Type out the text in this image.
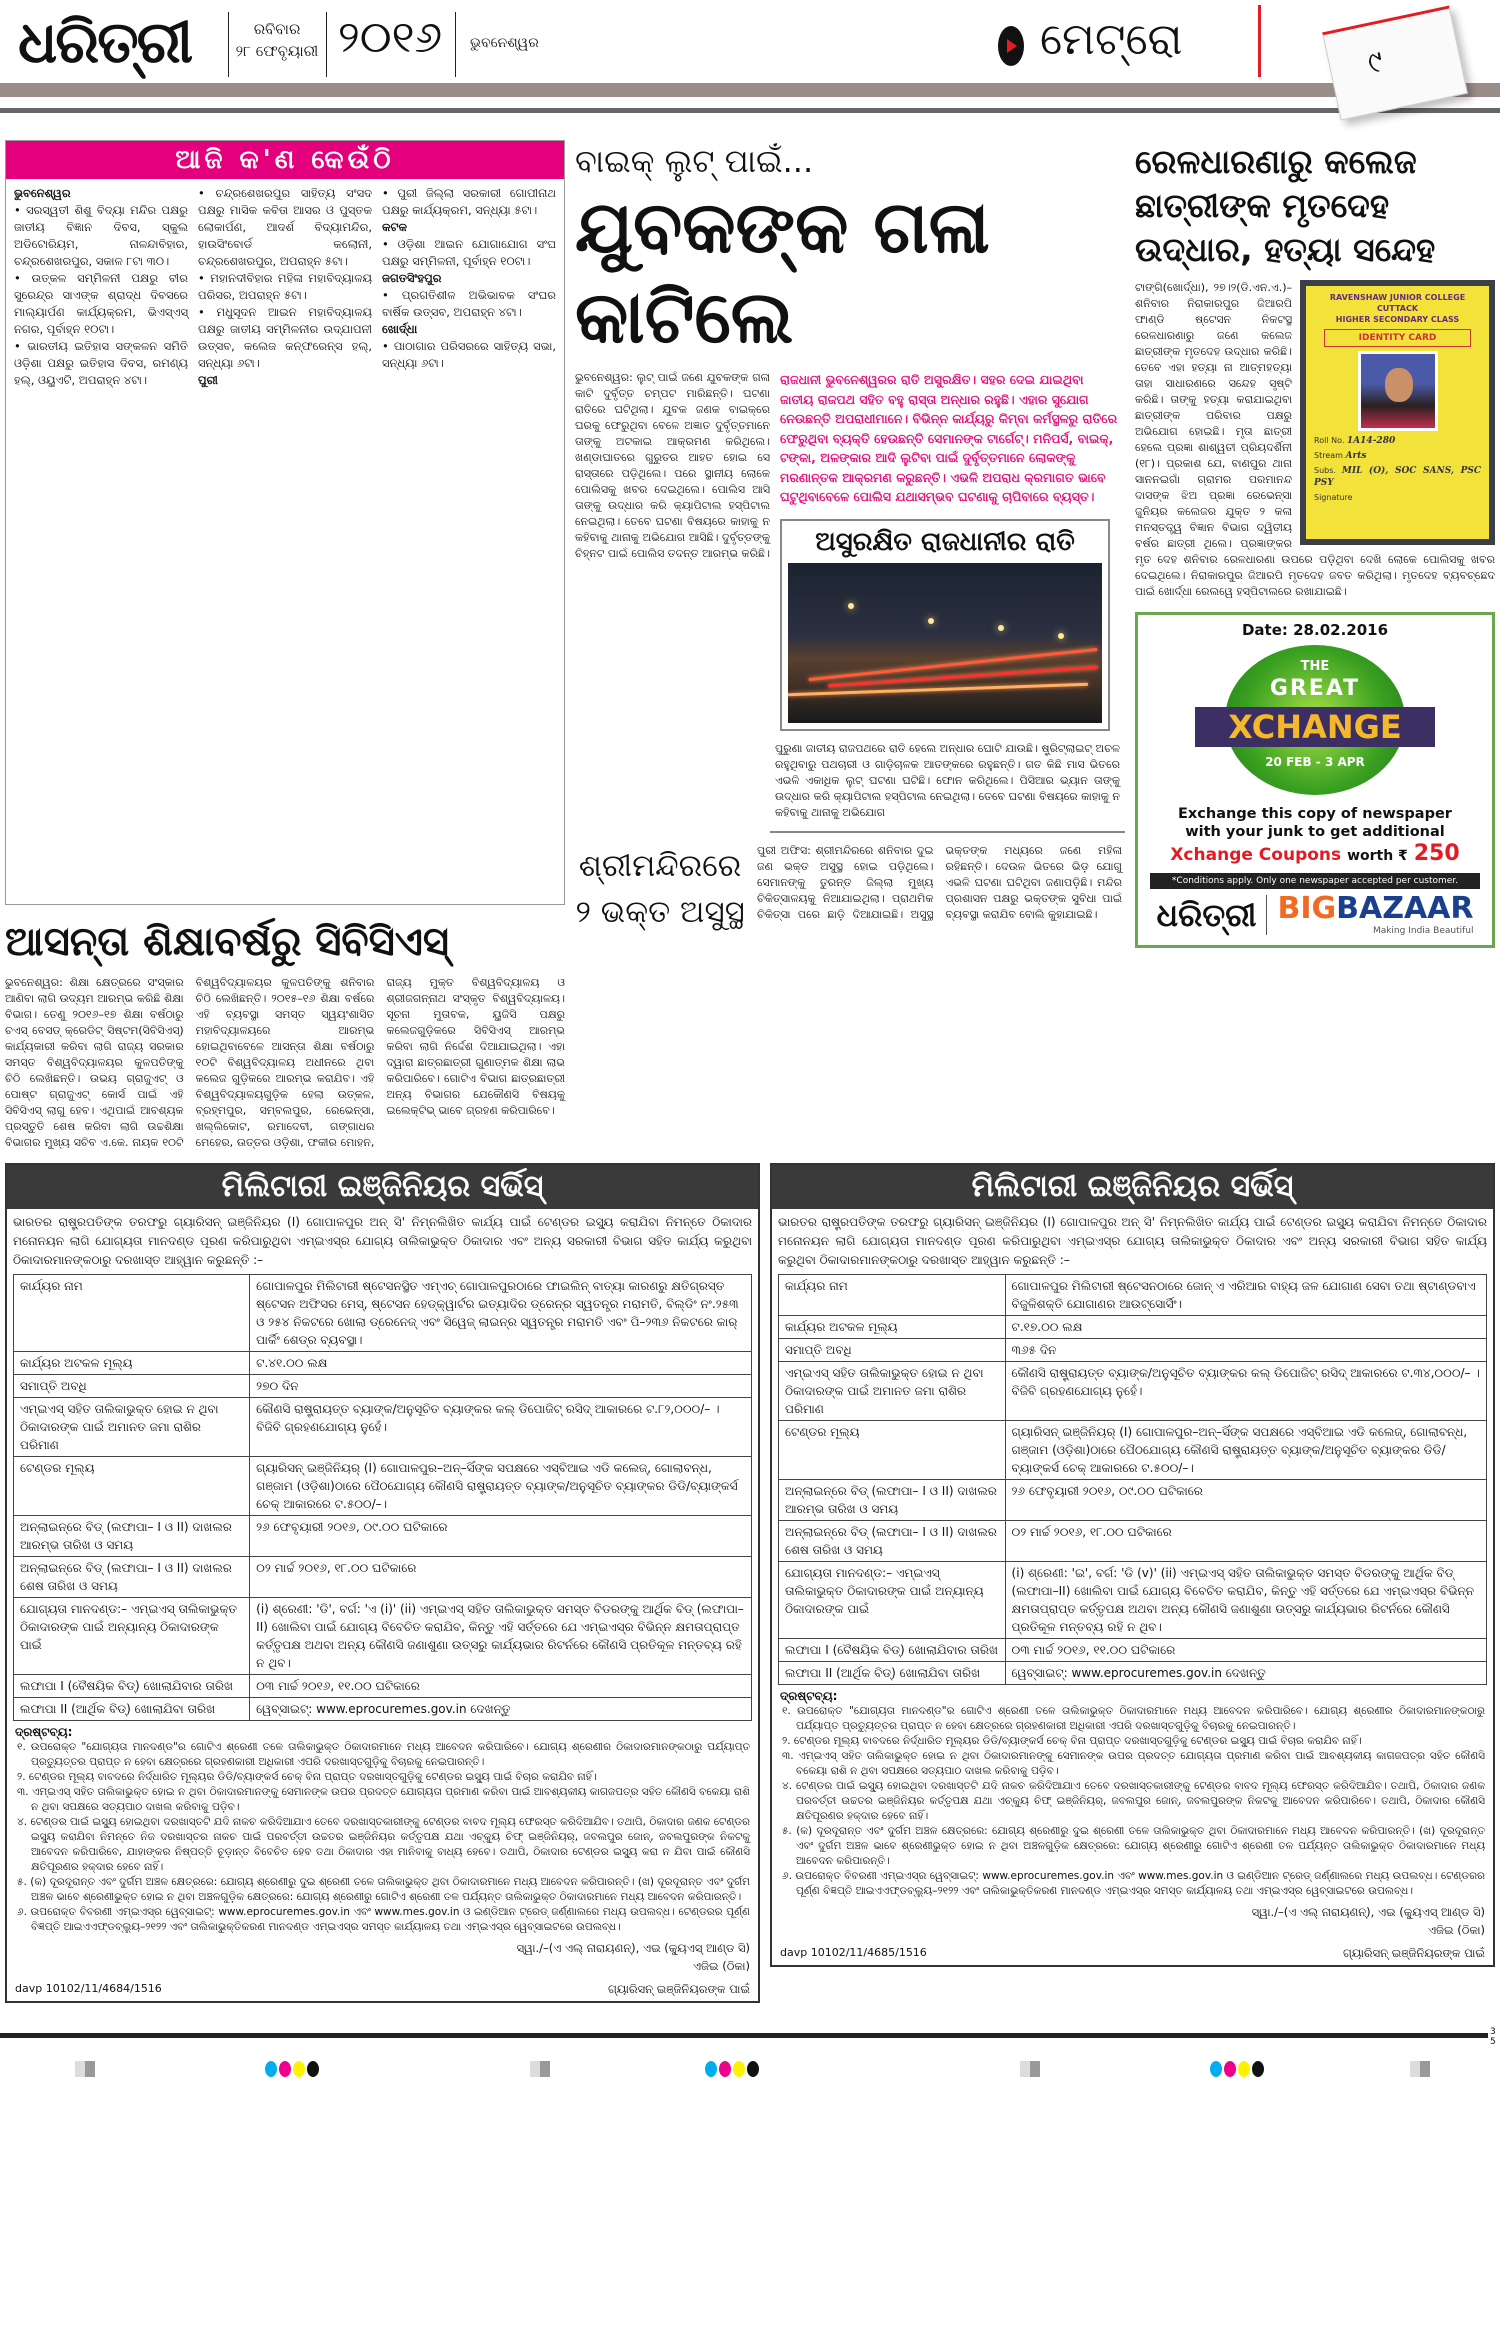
ଧରିତ୍ରୀ	ରବିବାର
୨୮ ଫେବୃୟାରୀ ୨୦୧୬	ଭୁବନେଶ୍ୱର	ମେଟ୍ରୋ	୯
ଆଜି କ'ଣ କେଉଁଠି
ଭୁବନେଶ୍ୱର
• ସରସ୍ୱତୀ ଶିଶୁ ବିଦ୍ୟା ମନ୍ଦିର ପକ୍ଷରୁ ଜାତୀୟ ବିଜ୍ଞାନ ଦିବସ, ସ୍କୁଲ ଅଡିଟୋରିୟମ, ନାଳନ୍ଦାବିହାର, ଚନ୍ଦ୍ରଶେଖରପୁର, ସକାଳ ୮ଟା ୩୦।
• ଉତ୍କଳ ସମ୍ମିଳନୀ ପକ୍ଷରୁ ବୀର ସୁରେନ୍ଦ୍ର ସାଏଙ୍କ ଶ୍ରାଦ୍ଧ ଦିବସରେ ମାଲ୍ୟାର୍ପଣ କାର୍ଯ୍ୟକ୍ରମ, ଭିଏସ୍ଏସ୍ ନଗର, ପୂର୍ବାହ୍ନ ୧୦ଟା।
• ଭାରତୀୟ ଇତିହାସ ସଙ୍କଳନ ସମିତି ଓଡ଼ିଶା ପକ୍ଷରୁ ଇତିହାସ ଦିବସ, ରମଣ୍ୟ ହଲ୍, ଓୟୁଏଟି, ଅପରାହ୍ନ ୪ଟା।
• ଚନ୍ଦ୍ରଶେଖରପୁର ସାହିତ୍ୟ ସଂସଦ ପକ୍ଷରୁ ମାସିକ କବିତା ଆସର ଓ ପୁସ୍ତକ ଲୋକାର୍ପଣ, ଆଦର୍ଶ ବିଦ୍ୟାମନ୍ଦିର, ହାଉସିଂବୋର୍ଡ କଲୋନୀ, ଚନ୍ଦ୍ରଶେଖରପୁର, ଅପରାହ୍ନ ୫ଟା।
• ମହାନଦୀବିହାର ମହିଳା ମହାବିଦ୍ୟାଳୟ ପରିସର, ଅପରାହ୍ନ ୫ଟା।
• ମଧୁସୂଦନ ଆଇନ ମହାବିଦ୍ୟାଳୟ ପକ୍ଷରୁ ଜାତୀୟ ସମ୍ମିଳନୀର ଉଦ୍‌ଯାପନୀ ଉତ୍ସବ, କଲେଜ କନ୍‌ଫରେନ୍ସ ହଲ୍, ସନ୍ଧ୍ୟା ୬ଟା।
ପୁରୀ
• ପୁରୀ ଜିଲ୍ଲା ସରକାରୀ ଗୋପୀନାଥ ପକ୍ଷରୁ କାର୍ଯ୍ୟକ୍ରମ, ସନ୍ଧ୍ୟା ୫ଟା।
କଟକ
• ଓଡ଼ିଶା ଆଇନ ଯୋଗାଯୋଗ ସଂଘ ପକ୍ଷରୁ ସମ୍ମିଳନୀ, ପୂର୍ବାହ୍ନ ୧୦ଟା।
ଜଗତସିଂହପୁର
• ପ୍ରଗତିଶୀଳ ଅଭିଭାବକ ସଂଘର ବାର୍ଷିକ ଉତ୍ସବ, ଅପରାହ୍ନ ୪ଟା।
ଖୋର୍ଦ୍ଧା
• ପାଠାଗାର ପରିସରରେ ସାହିତ୍ୟ ସଭା, ସନ୍ଧ୍ୟା ୬ଟା।
ଆସନ୍ତା ଶିକ୍ଷାବର୍ଷରୁ ସିବିସିଏସ୍
ଭୁବନେଶ୍ୱର: ଶିକ୍ଷା କ୍ଷେତ୍ରରେ ସଂସ୍କାର ଆଣିବା ଲାଗି ଉଦ୍ୟମ ଆରମ୍ଭ କରିଛି ଶିକ୍ଷା ବିଭାଗ। ତେଣୁ ୨୦୧୬–୧୭ ଶିକ୍ଷା ବର୍ଷଠାରୁ ଚଏସ୍ ବେସଡ୍ କ୍ରେଡିଟ୍ ସିଷ୍ଟମ(ସିବିସିଏସ୍) କାର୍ଯ୍ୟକାରୀ କରିବା ଲାଗି ରାଜ୍ୟ ସରକାର ସମସ୍ତ ବିଶ୍ୱବିଦ୍ୟାଳୟର କୁଳପତିଙ୍କୁ ଚିଠି ଲେଖିଛନ୍ତି। ଉଭୟ ଗ୍ରାଜୁଏଟ୍ ଓ ପୋଷ୍ଟ ଗ୍ରାଜୁଏଟ୍ କୋର୍ସ ପାଇଁ ଏହି ସିବିସିଏସ୍ ଲାଗୁ ହେବ। ଏଥିପାଇଁ ଆବଶ୍ୟକ ପ୍ରସ୍ତୁତି ଶେଷ କରିବା ଲାଗି ଉଚ୍ଚଶିକ୍ଷା ବିଭାଗର ମୁଖ୍ୟ ସଚିବ ଏ.କେ. ନାୟକ ୧୦ଟି ବିଶ୍ୱବିଦ୍ୟାଳୟର କୁଳପତିଙ୍କୁ ଶନିବାର ଚିଠି ଲେଖିଛନ୍ତି। ୨୦୧୫–୧୬ ଶିକ୍ଷା ବର୍ଷରେ ଏହି ବ୍ୟବସ୍ଥା ସମସ୍ତ ସ୍ୱୟଂଶାସିତ ମହାବିଦ୍ୟାଳୟରେ ଆରମ୍ଭ ହୋଇଥିବାବେଳେ ଆସନ୍ତା ଶିକ୍ଷା ବର୍ଷଠାରୁ ୧୦ଟି ବିଶ୍ୱବିଦ୍ୟାଳୟ ଅଧୀନରେ ଥିବା କଲେଜ ଗୁଡ଼ିକରେ ଆରମ୍ଭ କରାଯିବ। ଏହି ବିଶ୍ୱବିଦ୍ୟାଳୟଗୁଡ଼ିକ ହେଲା ଉତ୍କଳ, ବ୍ରହ୍ମପୁର, ସମ୍ବଲପୁର, ରେଭେନ୍ସା, ଖଲ୍ଲିକୋଟ, ରମାଦେବୀ, ଗଙ୍ଗାଧର ମେହେର, ଉତ୍ତର ଓଡ଼ିଶା, ଫକୀର ମୋହନ, ରାଜ୍ୟ ମୁକ୍ତ ବିଶ୍ୱବିଦ୍ୟାଳୟ ଓ ଶ୍ରୀଜଗନ୍ନାଥ ସଂସ୍କୃତ ବିଶ୍ୱବିଦ୍ୟାଳୟ। ସୂଚନା ମୁତାବକ, ୟୁଜିସି ପକ୍ଷରୁ କଲେଜଗୁଡ଼ିକରେ ସିବିସିଏସ୍ ଆରମ୍ଭ କରିବା ଲାଗି ନିର୍ଦ୍ଦେଶ ଦିଆଯାଇଥିଲା। ଏହା ଦ୍ୱାରା ଛାତ୍ରଛାତ୍ରୀ ଗୁଣାତ୍ମକ ଶିକ୍ଷା ଲାଭ କରିପାରିବେ। ଗୋଟିଏ ବିଭାଗ ଛାତ୍ରଛାତ୍ରୀ ଅନ୍ୟ ବିଭାଗର ଯେକୌଣସି ବିଷୟକୁ ଇଲେକ୍ଟିଭ୍ ଭାବେ ଗ୍ରହଣ କରିପାରିବେ।
ବାଇକ୍ ଲୁଟ୍ ପାଇଁ...
ଯୁବକଙ୍କ ଗଳା କାଟିଲେ
ଭୁବନେଶ୍ୱର: ଲୁଟ୍ ପାଇଁ ଜଣେ ଯୁବକଙ୍କ ଗଳା କାଟି ଦୁର୍ବୃତ୍ତ ଚମ୍ପଟ ମାରିଛନ୍ତି। ଘଟଣା ରାତିରେ ଘଟିଥିଲା। ଯୁବକ ଜଣକ ବାଇକ୍‌ରେ ଘରକୁ ଫେରୁଥିବା ବେଳେ ଅଜ୍ଞାତ ଦୁର୍ବୃତ୍ତମାନେ ତାଙ୍କୁ ଅଟକାଇ ଆକ୍ରମଣ କରିଥିଲେ। ଖଣ୍ଡାଘାତରେ ଗୁରୁତର ଆହତ ହୋଇ ସେ ରାସ୍ତାରେ ପଡ଼ିଥିଲେ। ପରେ ସ୍ଥାନୀୟ ଲୋକେ ପୋଲିସକୁ ଖବର ଦେଇଥିଲେ। ପୋଲିସ ଆସି ତାଙ୍କୁ ଉଦ୍ଧାର କରି କ୍ୟାପିଟାଲ ହସ୍ପିଟାଲ ନେଇଥିଲା। ତେବେ ଘଟଣା ବିଷୟରେ କାହାକୁ ନ କହିବାକୁ ଥାନାକୁ ଅଭିଯୋଗ ଆସିଛି। ଦୁର୍ବୃତ୍ତଙ୍କୁ ଚିହ୍ନଟ ପାଇଁ ପୋଲିସ ତଦନ୍ତ ଆରମ୍ଭ କରିଛି।
ରାଜଧାନୀ ଭୁବନେଶ୍ୱରର ରାତି ଅସୁରକ୍ଷିତ। ସହର ଦେଇ ଯାଇଥିବା ଜାତୀୟ ରାଜପଥ ସହିତ ବହୁ ରାସ୍ତା ଅନ୍ଧାର ରହୁଛି। ଏହାର ସୁଯୋଗ ନେଉଛନ୍ତି ଅପରାଧୀମାନେ। ବିଭିନ୍ନ କାର୍ଯ୍ୟରୁ କିମ୍ବା କର୍ମସ୍ଥଳରୁ ରାତିରେ ଫେରୁଥିବା ବ୍ୟକ୍ତି ହେଉଛନ୍ତି ସେମାନଙ୍କ ଟାର୍ଗେଟ୍। ମନିପର୍ସ, ବାଇକ୍, ଟଙ୍କା, ଅଳଙ୍କାର ଆଦି ଲୁଟିବା ପାଇଁ ଦୁର୍ବୃତ୍ତମାନେ ଲୋକଙ୍କୁ ମରଣାନ୍ତକ ଆକ୍ରମଣ କରୁଛନ୍ତି। ଏଭଳି ଅପରାଧ କ୍ରମାଗତ ଭାବେ ଘଟୁଥିବାବେଳେ ପୋଲିସ ଯଥାସମ୍ଭବ ଘଟଣାକୁ ଚାପିବାରେ ବ୍ୟସ୍ତ।
ଅସୁରକ୍ଷିତ ରାଜଧାନୀର ରାତି
ପୁରୁଣା ଜାତୀୟ ରାଜପଥରେ ରାତି ହେଲେ ଅନ୍ଧାର ଘୋଟି ଯାଉଛି। ଷ୍ଟ୍ରିଟ୍‌ଲାଇଟ୍ ଅଚଳ ରହୁଥିବାରୁ ପଥଚାରୀ ଓ ଗାଡ଼ିଚାଳକ ଆତଙ୍କରେ ରହୁଛନ୍ତି। ଗତ କିଛି ମାସ ଭିତରେ ଏଭଳି ଏକାଧିକ ଲୁଟ୍ ଘଟଣା ଘଟିଛି। ଫୋନ କରିଥିଲେ। ପିସିଆର ଭ୍ୟାନ ତାଙ୍କୁ ଉଦ୍ଧାର କରି କ୍ୟାପିଟାଲ ହସ୍ପିଟାଲ ନେଇଥିଲା। ତେବେ ଘଟଣା ବିଷୟରେ କାହାକୁ ନ କହିବାକୁ ଥାନାକୁ ଅଭିଯୋଗ
ଶ୍ରୀମନ୍ଦିରରେ ୨ ଭକ୍ତ ଅସୁସ୍ଥ
ପୁରୀ ଅଫିସ: ଶ୍ରୀମନ୍ଦିରରେ ଶନିବାର ଦୁଇ ଜଣ ଭକ୍ତ ଅସୁସ୍ଥ ହୋଇ ପଡ଼ିଥିଲେ। ସେମାନଙ୍କୁ ତୁରନ୍ତ ଜିଲ୍ଲା ମୁଖ୍ୟ ଚିକିତ୍ସାଳୟକୁ ନିଆଯାଇଥିଲା। ପ୍ରାଥମିକ ଚିକିତ୍ସା ପରେ ଛାଡ଼ି ଦିଆଯାଇଛି। ଅସୁସ୍ଥ ଭକ୍ତଙ୍କ ମଧ୍ୟରେ ଜଣେ ମହିଳା ରହିଛନ୍ତି। ଦେଉଳ ଭିତରେ ଭିଡ଼ ଯୋଗୁ ଏଭଳି ଘଟଣା ଘଟିଥିବା ଜଣାପଡ଼ିଛି। ମନ୍ଦିର ପ୍ରଶାସନ ପକ୍ଷରୁ ଭକ୍ତଙ୍କ ସୁବିଧା ପାଇଁ ବ୍ୟବସ୍ଥା କରାଯିବ ବୋଲି କୁହାଯାଇଛି।
ରେଳଧାରଣାରୁ କଲେଜ ଛାତ୍ରୀଙ୍କ ମୃତଦେହ ଉଦ୍ଧାର, ହତ୍ୟା ସନ୍ଦେହ
RAVENSHAW JUNIOR COLLEGE
CUTTACK
HIGHER SECONDARY CLASS
IDENTITY CARD
Roll No. 1A14-280
Stream Arts
Subs. MIL (O), SOC SANS, PSC PSY
Signature
ଟାଙ୍ଗି(ଖୋର୍ଦ୍ଧା), ୨୭।୨(ଡି.ଏନ.ଏ.)– ଶନିବାର ନିରାକାରପୁର ଜିଆରପି ଫାଣ୍ଡି ଷ୍ଟେସନ ନିକଟସ୍ଥ ରେଳଧାରଣାରୁ ଜଣେ କଲେଜ ଛାତ୍ରୀଙ୍କ ମୃତଦେହ ଉଦ୍ଧାର କରିଛି। ତେବେ ଏହା ହତ୍ୟା ନା ଆତ୍ମହତ୍ୟା ତାହା ସାଧାରଣରେ ସନ୍ଦେହ ସୃଷ୍ଟି କରିଛି। ତାଙ୍କୁ ହତ୍ୟା କରାଯାଇଥିବା ଛାତ୍ରୀଙ୍କ ପରିବାର ପକ୍ଷରୁ ଅଭିଯୋଗ ହୋଇଛି। ମୃତା ଛାତ୍ରୀ ହେଲେ ପ୍ରଜ୍ଞା ଶାଶ୍ୱତୀ ପ୍ରିୟଦର୍ଶିନୀ (୧୮)। ପ୍ରକାଶ ଯେ, ବାଣପୁର ଥାନା ସାନନଇଗାଁ ଗ୍ରାମର ପରମାନନ୍ଦ ଦାସଙ୍କ ଝିଅ ପ୍ରଜ୍ଞା ରେଭେନ୍ସା ଜୁନିୟର କଲେଜର ଯୁକ୍ତ ୨ କଳା ମନସ୍ତତ୍ତ୍ୱ ବିଜ୍ଞାନ ବିଭାଗ ଦ୍ୱିତୀୟ ବର୍ଷର ଛାତ୍ରୀ ଥିଲେ। ପ୍ରଜ୍ଞାଙ୍କର ମୃତ ଦେହ ଶନିବାର ରେଳଧାରଣା ଉପରେ ପଡ଼ିଥିବା ଦେଖି ଲୋକେ ପୋଲିସକୁ ଖବର ଦେଇଥିଲେ। ନିରାକାରପୁର ଜିଆରପି ମୃତଦେହ ଜବତ କରିଥିଲା। ମୃତଦେହ ବ୍ୟବଚ୍ଛେଦ ପାଇଁ ଖୋର୍ଦ୍ଧା ରେଲୱେ ହସ୍ପିଟାଲରେ ରଖାଯାଇଛି।
Date: 28.02.2016
THE
GREAT
XCHANGE
20 FEB - 3 APR
Exchange this copy of newspaper
with your junk to get additional
Xchange Coupons worth ₹ 250
*Conditions apply. Only one newspaper accepted per customer.
ଧରିତ୍ରୀ BIGBAZAAR
Making India Beautiful
ମିଲିଟାରୀ ଇଞ୍ଜିନିୟର ସର୍ଭିସ୍
ଭାରତର ରାଷ୍ଟ୍ରପତିଙ୍କ ତରଫରୁ ଗ୍ୟାରିସନ୍ ଇଞ୍ଜିନିୟର (I) ଗୋପାଳପୁର ଅନ୍ ସି' ନିମ୍ନଲିଖିତ କାର୍ଯ୍ୟ ପାଇଁ ଟେଣ୍ଡର ଇସ୍ୟୁ କରାଯିବା ନିମନ୍ତେ ଠିକାଦାର ମନୋନୟନ ଲାଗି ଯୋଗ୍ୟତା ମାନଦଣ୍ଡ ପୂରଣ କରିପାରୁଥିବା ଏମ୍ଇଏସ୍‌ର ଯୋଗ୍ୟ ତାଲିକାଭୁକ୍ତ ଠିକାଦାର ଏବଂ ଅନ୍ୟ ସରକାରୀ ବିଭାଗ ସହିତ କାର୍ଯ୍ୟ କରୁଥିବା ଠିକାଦାରମାନଙ୍କଠାରୁ ଦରଖାସ୍ତ ଆହ୍ୱାନ କରୁଛନ୍ତି :–
କାର୍ଯ୍ୟର ନାମ	ଗୋପାଳପୁର ମିଲିଟାରୀ ଷ୍ଟେସନସ୍ଥିତ ଏମ୍ଏଚ୍ ଗୋପାଳପୁରଠାରେ ଫାଇଲିନ୍ ବାତ୍ୟା କାରଣରୁ କ୍ଷତିଗ୍ରସ୍ତ ଷ୍ଟେସନ ଅଫିସର ମେସ୍, ଷ୍ଟେସନ ହେଡ୍‌କ୍ୱାର୍ଟର ଇତ୍ୟାଦିର ଡ୍ରେନ୍‌ର ସ୍ୱତନ୍ତ୍ର ମରାମତି, ବିଲ୍ଡିଂ ନଂ.୨୫୩ ଓ ୨୫୪ ନିକଟରେ ଖୋଲା ଡ୍ରେନେଜ୍ ଏବଂ ସିୱେଜ୍ ଲାଇନ୍‌ର ସ୍ୱତନ୍ତ୍ର ମରାମତି ଏବଂ ପି–୨୩୬ ନିକଟରେ କାର୍ ପାର୍କିଂ ଶେଡ୍‌ର ବ୍ୟବସ୍ଥା।
କାର୍ଯ୍ୟର ଅଟକଳ ମୂଲ୍ୟ	ଟ.୪୧.୦୦ ଲକ୍ଷ
ସମାପ୍ତି ଅବଧି	୨୭୦ ଦିନ
ଏମ୍ଇଏସ୍ ସହିତ ତାଲିକାଭୁକ୍ତ ହୋଇ ନ ଥିବା ଠିକାଦାରଙ୍କ ପାଇଁ ଅମାନତ ଜମା ରାଶିର ପରିମାଣ	କୌଣସି ରାଷ୍ଟ୍ରାୟତ୍ତ ବ୍ୟାଙ୍କ/ଅନୁସୂଚିତ ବ୍ୟାଙ୍କର କଲ୍ ଡିପୋଜିଟ୍ ରସିଦ୍ ଆକାରରେ ଟ.୮୨,୦୦୦/– । ବିଜିବି ଗ୍ରହଣଯୋଗ୍ୟ ନୁହେଁ।
ଟେଣ୍ଡର ମୂଲ୍ୟ	ଗ୍ୟାରିସନ୍ ଇଞ୍ଜିନିୟର୍ (I) ଗୋପାଳପୁର–ଅନ୍–ସିଁଙ୍କ ସପକ୍ଷରେ ଏସ୍‌ବିଆଇ ଏଡି କଲେଜ୍, ଗୋଲାବନ୍ଧ, ଗଞ୍ଜାମ (ଓଡ଼ିଶା)ଠାରେ ପୈଠଯୋଗ୍ୟ କୌଣସି ରାଷ୍ଟ୍ରାୟତ୍ତ ବ୍ୟାଙ୍କ/ଅନୁସୂଚିତ ବ୍ୟାଙ୍କର ଡିଡି/ବ୍ୟାଙ୍କର୍ସ ଚେକ୍ ଆକାରରେ ଟ.୫୦୦/–।
ଅନ୍‌ଲାଇନ୍‌ରେ ବିଡ୍ (ଲଫାପା– I ଓ II) ଦାଖଲର ଆରମ୍ଭ ତାରିଖ ଓ ସମୟ	୨୬ ଫେବୃୟାରୀ ୨୦୧୬, ୦୯.୦୦ ଘଟିକାରେ
ଅନ୍‌ଲାଇନ୍‌ରେ ବିଡ୍ (ଲଫାପା– I ଓ II) ଦାଖଲର ଶେଷ ତାରିଖ ଓ ସମୟ	୦୨ ମାର୍ଚ୍ଚ ୨୦୧୬, ୧୮.୦୦ ଘଟିକାରେ
ଯୋଗ୍ୟତା ମାନଦଣ୍ଡ:– ଏମ୍ଇଏସ୍ ତାଲିକାଭୁକ୍ତ ଠିକାଦାରଙ୍କ ପାଇଁ ଅନ୍ୟାନ୍ୟ ଠିକାଦାରଙ୍କ ପାଇଁ	(i) ଶ୍ରେଣୀ: 'ଡି', ବର୍ଗ: 'ଏ (i)' (ii) ଏମ୍ଇଏସ୍ ସହିତ ତାଲିକାଭୁକ୍ତ ସମସ୍ତ ବିଡରଙ୍କୁ ଆର୍ଥିକ ବିଡ୍ (ଲଫାପା–II) ଖୋଲିବା ପାଇଁ ଯୋଗ୍ୟ ବିବେଚିତ କରାଯିବ, କିନ୍ତୁ ଏହି ସର୍ତ୍ତରେ ଯେ ଏମ୍ଇଏସ୍‌ର ବିଭିନ୍ନ କ୍ଷମତାପ୍ରାପ୍ତ କର୍ତ୍ତୃପକ୍ଷ ଅଥବା ଅନ୍ୟ କୌଣସି ଜଣାଶୁଣା ଉତ୍ସରୁ କାର୍ଯ୍ୟଭାର ରିଟର୍ନରେ କୌଣସି ପ୍ରତିକୂଳ ମନ୍ତବ୍ୟ ରହି ନ ଥିବ।
ଲଫାପା I (ବୈଷୟିକ ବିଡ୍) ଖୋଲାଯିବାର ତାରିଖ	୦୩ ମାର୍ଚ୍ଚ ୨୦୧୬, ୧୧.୦୦ ଘଟିକାରେ
ଲଫାପା II (ଆର୍ଥିକ ବିଡ୍) ଖୋଲାଯିବା ତାରିଖ	ୱେବ୍‌ସାଇଟ୍: www.eprocuremes.gov.in ଦେଖନ୍ତୁ
ଦ୍ରଷ୍ଟବ୍ୟ:
୧. ଉପରୋକ୍ତ "ଯୋଗ୍ୟତା ମାନଦଣ୍ଡ"ର ଗୋଟିଏ ଶ୍ରେଣୀ ତଳେ ତାଲିକାଭୁକ୍ତ ଠିକାଦାରମାନେ ମଧ୍ୟ ଆବେଦନ କରିପାରିବେ। ଯୋଗ୍ୟ ଶ୍ରେଣୀର ଠିକାଦାରମାନଙ୍କଠାରୁ ପର୍ଯ୍ୟାପ୍ତ ପ୍ରତ୍ୟୁତ୍ତର ପ୍ରାପ୍ତ ନ ହେବା କ୍ଷେତ୍ରରେ ଗ୍ରହଣକାରୀ ଅଧିକାରୀ ଏପରି ଦରଖାସ୍ତଗୁଡ଼ିକୁ ବିଚାରକୁ ନେଇପାରନ୍ତି।
୨. ଟେଣ୍ଡର ମୂଲ୍ୟ ବାବଦରେ ନିର୍ଦ୍ଧାରିତ ମୂଲ୍ୟର ଡିଡି/ବ୍ୟାଙ୍କର୍ସ ଚେକ୍ ବିନା ପ୍ରାପ୍ତ ଦରଖାସ୍ତଗୁଡ଼ିକୁ ଟେଣ୍ଡର ଇସ୍ୟୁ ପାଇଁ ବିଚାର କରାଯିବ ନାହିଁ।
୩. ଏମ୍ଇଏସ୍ ସହିତ ତାଲିକାଭୁକ୍ତ ହୋଇ ନ ଥିବା ଠିକାଦାରମାନଙ୍କୁ ସେମାନଙ୍କ ଉପର ପ୍ରଦତ୍ତ ଯୋଗ୍ୟତା ପ୍ରମାଣ କରିବା ପାଇଁ ଆବଶ୍ୟକୀୟ କାଗଜପତ୍ର ସହିତ କୌଣସି ବକେୟା ରାଶି ନ ଥିବା ସପକ୍ଷରେ ସତ୍ୟପାଠ ଦାଖଲ କରିବାକୁ ପଡ଼ିବ।
୪. ଟେଣ୍ଡର ପାଇଁ ଇସ୍ୟୁ ହୋଇଥିବା ଦରଖାସ୍ତଟି ଯଦି ନାକଚ କରିଦିଆଯାଏ ତେବେ ଦରଖାସ୍ତକାରୀଙ୍କୁ ଟେଣ୍ଡର ବାବଦ ମୂଲ୍ୟ ଫେରସ୍ତ କରିଦିଆଯିବ। ତଥାପି, ଠିକାଦାର ଜଣକ ଟେଣ୍ଡର ଇସ୍ୟୁ କରାଯିବା ନିମନ୍ତେ ନିଜ ଦରଖାସ୍ତର ନାକଚ ପାଇଁ ପରବର୍ତ୍ତୀ ଉଚ୍ଚତର ଇଞ୍ଜିନିୟର କର୍ତ୍ତୃପକ୍ଷ ଯଥା ଏଚ୍‌କ୍ୟୁ ଚିଫ୍ ଇଞ୍ଜିନିୟର୍, ଜବଲପୁର ଜୋନ୍, ଜବଲପୁରଙ୍କ ନିକଟକୁ ଆବେଦନ କରିପାରିବେ, ଯାହାଙ୍କର ନିଷ୍ପତ୍ତି ଚୂଡ଼ାନ୍ତ ବିବେଚିତ ହେବ ତଥା ଠିକାଦାର ଏହା ମାନିବାକୁ ବାଧ୍ୟ ହେବେ। ତଥାପି, ଠିକାଦାର ଟେଣ୍ଡର ଇସ୍ୟୁ କରା ନ ଯିବା ପାଇଁ କୌଣସି କ୍ଷତିପୂରଣର ହକ୍‌ଦାର ହେବେ ନାହିଁ।
୫. (କ) ଦୂରଦୂରାନ୍ତ ଏବଂ ଦୁର୍ଗମ ଅଞ୍ଚଳ କ୍ଷେତ୍ରରେ: ଯୋଗ୍ୟ ଶ୍ରେଣୀରୁ ଦୁଇ ଶ୍ରେଣୀ ତଳେ ତାଲିକାଭୁକ୍ତ ଥିବା ଠିକାଦାରମାନେ ମଧ୍ୟ ଆବେଦନ କରିପାରନ୍ତି। (ଖ) ଦୂରଦୂରାନ୍ତ ଏବଂ ଦୁର୍ଗମ ଅଞ୍ଚଳ ଭାବେ ଶ୍ରେଣୀଭୁକ୍ତ ହୋଇ ନ ଥିବା ଅଞ୍ଚଳଗୁଡ଼ିକ କ୍ଷେତ୍ରରେ: ଯୋଗ୍ୟ ଶ୍ରେଣୀରୁ ଗୋଟିଏ ଶ୍ରେଣୀ ତଳ ପର୍ଯ୍ୟନ୍ତ ତାଲିକାଭୁକ୍ତ ଠିକାଦାରମାନେ ମଧ୍ୟ ଆବେଦନ କରିପାରନ୍ତି।
୬. ଉପରୋକ୍ତ ବିବରଣୀ ଏମ୍ଇଏସ୍‌ର ୱେବ୍‌ସାଇଟ୍: www.eprocuremes.gov.in ଏବଂ www.mes.gov.in ଓ ଇଣ୍ଡିଆନ ଟ୍ରେଡ୍ ଜର୍ଣ୍ଣାଲରେ ମଧ୍ୟ ଉପଲବ୍ଧ। ଟେଣ୍ଡରର ପୂର୍ଣ୍ଣ ବିଜ୍ଞପ୍ତି ଆଇଏଏଫ୍‌ଡବ୍ଲ୍ୟୁ–୨୧୨୨ ଏବଂ ତାଲିକାଭୁକ୍ତିକରଣ ମାନଦଣ୍ଡ ଏମ୍ଇଏସ୍‌ର ସମସ୍ତ କାର୍ଯ୍ୟାଳୟ ତଥା ଏମ୍ଇଏସ୍‌ର ୱେବ୍‌ସାଇଟରେ ଉପଲବ୍ଧ।
ସ୍ୱା./–(ଏ ଏଲ୍ ନାରାୟଣନ୍), ଏଇ (କ୍ୟୁଏସ୍ ଆଣ୍ଡ ସି)
ଏଜିଇ (ଠିକା)
davp 10102/11/4684/1516	ଗ୍ୟାରିସନ୍ ଇଞ୍ଜିନିୟରଙ୍କ ପାଇଁ
ମିଲିଟାରୀ ଇଞ୍ଜିନିୟର ସର୍ଭିସ୍
ଭାରତର ରାଷ୍ଟ୍ରପତିଙ୍କ ତରଫରୁ ଗ୍ୟାରିସନ୍ ଇଞ୍ଜିନିୟର (I) ଗୋପାଳପୁର ଅନ୍ ସି' ନିମ୍ନଲିଖିତ କାର୍ଯ୍ୟ ପାଇଁ ଟେଣ୍ଡର ଇସ୍ୟୁ କରାଯିବା ନିମନ୍ତେ ଠିକାଦାର ମନୋନୟନ ଲାଗି ଯୋଗ୍ୟତା ମାନଦଣ୍ଡ ପୂରଣ କରିପାରୁଥିବା ଏମ୍ଇଏସ୍‌ର ଯୋଗ୍ୟ ତାଲିକାଭୁକ୍ତ ଠିକାଦାର ଏବଂ ଅନ୍ୟ ସରକାରୀ ବିଭାଗ ସହିତ କାର୍ଯ୍ୟ କରୁଥିବା ଠିକାଦାରମାନଙ୍କଠାରୁ ଦରଖାସ୍ତ ଆହ୍ୱାନ କରୁଛନ୍ତି :–
କାର୍ଯ୍ୟର ନାମ	ଗୋପାଳପୁର ମିଲିଟାରୀ ଷ୍ଟେସନଠାରେ ଜୋନ୍ ଏ ଏରିଆର ବାହ୍ୟ ଜଳ ଯୋଗାଣ ସେବା ତଥା ଷ୍ଟାଣ୍ଡବାଏ ବିଜୁଳିଶକ୍ତି ଯୋଗାଣର ଆଉଟ୍‌ସୋର୍ସିଂ।
କାର୍ଯ୍ୟର ଅଟକଳ ମୂଲ୍ୟ	ଟ.୧୭.୦୦ ଲକ୍ଷ
ସମାପ୍ତି ଅବଧି	୩୬୫ ଦିନ
ଏମ୍ଇଏସ୍ ସହିତ ତାଲିକାଭୁକ୍ତ ହୋଇ ନ ଥିବା ଠିକାଦାରଙ୍କ ପାଇଁ ଅମାନତ ଜମା ରାଶିର ପରିମାଣ	କୌଣସି ରାଷ୍ଟ୍ରାୟତ୍ତ ବ୍ୟାଙ୍କ/ଅନୁସୂଚିତ ବ୍ୟାଙ୍କର କଲ୍ ଡିପୋଜିଟ୍ ରସିଦ୍ ଆକାରରେ ଟ.୩୪,୦୦୦/– । ବିଜିବି ଗ୍ରହଣଯୋଗ୍ୟ ନୁହେଁ।
ଟେଣ୍ଡର ମୂଲ୍ୟ	ଗ୍ୟାରିସନ୍ ଇଞ୍ଜିନିୟର୍ (I) ଗୋପାଳପୁର–ଅନ୍–ସିଁଙ୍କ ସପକ୍ଷରେ ଏସ୍‌ବିଆଇ ଏଡି କଲେଜ୍, ଗୋଲାବନ୍ଧ, ଗଞ୍ଜାମ (ଓଡ଼ିଶା)ଠାରେ ପୈଠଯୋଗ୍ୟ କୌଣସି ରାଷ୍ଟ୍ରାୟତ୍ତ ବ୍ୟାଙ୍କ/ଅନୁସୂଚିତ ବ୍ୟାଙ୍କର ଡିଡି/ବ୍ୟାଙ୍କର୍ସ ଚେକ୍ ଆକାରରେ ଟ.୫୦୦/–।
ଅନ୍‌ଲାଇନ୍‌ରେ ବିଡ୍ (ଲଫାପା– I ଓ II) ଦାଖଲର ଆରମ୍ଭ ତାରିଖ ଓ ସମୟ	୨୬ ଫେବୃୟାରୀ ୨୦୧୬, ୦୯.୦୦ ଘଟିକାରେ
ଅନ୍‌ଲାଇନ୍‌ରେ ବିଡ୍ (ଲଫାପା– I ଓ II) ଦାଖଲର ଶେଷ ତାରିଖ ଓ ସମୟ	୦୨ ମାର୍ଚ୍ଚ ୨୦୧୬, ୧୮.୦୦ ଘଟିକାରେ
ଯୋଗ୍ୟତା ମାନଦଣ୍ଡ:– ଏମ୍ଇଏସ୍ ତାଲିକାଭୁକ୍ତ ଠିକାଦାରଙ୍କ ପାଇଁ ଅନ୍ୟାନ୍ୟ ଠିକାଦାରଙ୍କ ପାଇଁ	(i) ଶ୍ରେଣୀ: 'ଇ', ବର୍ଗ: 'ଡି (v)' (ii) ଏମ୍ଇଏସ୍ ସହିତ ତାଲିକାଭୁକ୍ତ ସମସ୍ତ ବିଡରଙ୍କୁ ଆର୍ଥିକ ବିଡ୍ (ଲଫାପା–II) ଖୋଲିବା ପାଇଁ ଯୋଗ୍ୟ ବିବେଚିତ କରାଯିବ, କିନ୍ତୁ ଏହି ସର୍ତ୍ତରେ ଯେ ଏମ୍ଇଏସ୍‌ର ବିଭିନ୍ନ କ୍ଷମତାପ୍ରାପ୍ତ କର୍ତ୍ତୃପକ୍ଷ ଅଥବା ଅନ୍ୟ କୌଣସି ଜଣାଶୁଣା ଉତ୍ସରୁ କାର୍ଯ୍ୟଭାର ରିଟର୍ନରେ କୌଣସି ପ୍ରତିକୂଳ ମନ୍ତବ୍ୟ ରହି ନ ଥିବ।
ଲଫାପା I (ବୈଷୟିକ ବିଡ୍) ଖୋଲାଯିବାର ତାରିଖ	୦୩ ମାର୍ଚ୍ଚ ୨୦୧୬, ୧୧.୦୦ ଘଟିକାରେ
ଲଫାପା II (ଆର୍ଥିକ ବିଡ୍) ଖୋଲାଯିବା ତାରିଖ	ୱେବ୍‌ସାଇଟ୍: www.eprocuremes.gov.in ଦେଖନ୍ତୁ
ଦ୍ରଷ୍ଟବ୍ୟ:
୧. ଉପରୋକ୍ତ "ଯୋଗ୍ୟତା ମାନଦଣ୍ଡ"ର ଗୋଟିଏ ଶ୍ରେଣୀ ତଳେ ତାଲିକାଭୁକ୍ତ ଠିକାଦାରମାନେ ମଧ୍ୟ ଆବେଦନ କରିପାରିବେ। ଯୋଗ୍ୟ ଶ୍ରେଣୀର ଠିକାଦାରମାନଙ୍କଠାରୁ ପର୍ଯ୍ୟାପ୍ତ ପ୍ରତ୍ୟୁତ୍ତର ପ୍ରାପ୍ତ ନ ହେବା କ୍ଷେତ୍ରରେ ଗ୍ରହଣକାରୀ ଅଧିକାରୀ ଏପରି ଦରଖାସ୍ତଗୁଡ଼ିକୁ ବିଚାରକୁ ନେଇପାରନ୍ତି।
୨. ଟେଣ୍ଡର ମୂଲ୍ୟ ବାବଦରେ ନିର୍ଦ୍ଧାରିତ ମୂଲ୍ୟର ଡିଡି/ବ୍ୟାଙ୍କର୍ସ ଚେକ୍ ବିନା ପ୍ରାପ୍ତ ଦରଖାସ୍ତଗୁଡ଼ିକୁ ଟେଣ୍ଡର ଇସ୍ୟୁ ପାଇଁ ବିଚାର କରାଯିବ ନାହିଁ।
୩. ଏମ୍ଇଏସ୍ ସହିତ ତାଲିକାଭୁକ୍ତ ହୋଇ ନ ଥିବା ଠିକାଦାରମାନଙ୍କୁ ସେମାନଙ୍କ ଉପର ପ୍ରଦତ୍ତ ଯୋଗ୍ୟତା ପ୍ରମାଣ କରିବା ପାଇଁ ଆବଶ୍ୟକୀୟ କାଗଜପତ୍ର ସହିତ କୌଣସି ବକେୟା ରାଶି ନ ଥିବା ସପକ୍ଷରେ ସତ୍ୟପାଠ ଦାଖଲ କରିବାକୁ ପଡ଼ିବ।
୪. ଟେଣ୍ଡର ପାଇଁ ଇସ୍ୟୁ ହୋଇଥିବା ଦରଖାସ୍ତଟି ଯଦି ନାକଚ କରିଦିଆଯାଏ ତେବେ ଦରଖାସ୍ତକାରୀଙ୍କୁ ଟେଣ୍ଡର ବାବଦ ମୂଲ୍ୟ ଫେରସ୍ତ କରିଦିଆଯିବ। ତଥାପି, ଠିକାଦାର ଜଣକ ପରବର୍ତ୍ତୀ ଉଚ୍ଚତର ଇଞ୍ଜିନିୟର କର୍ତ୍ତୃପକ୍ଷ ଯଥା ଏଚ୍‌କ୍ୟୁ ଚିଫ୍ ଇଞ୍ଜିନିୟର୍, ଜବଲପୁର ଜୋନ୍, ଜବଲପୁରଙ୍କ ନିକଟକୁ ଆବେଦନ କରିପାରିବେ। ତଥାପି, ଠିକାଦାର କୌଣସି କ୍ଷତିପୂରଣର ହକ୍‌ଦାର ହେବେ ନାହିଁ।
୫. (କ) ଦୂରଦୂରାନ୍ତ ଏବଂ ଦୁର୍ଗମ ଅଞ୍ଚଳ କ୍ଷେତ୍ରରେ: ଯୋଗ୍ୟ ଶ୍ରେଣୀରୁ ଦୁଇ ଶ୍ରେଣୀ ତଳେ ତାଲିକାଭୁକ୍ତ ଥିବା ଠିକାଦାରମାନେ ମଧ୍ୟ ଆବେଦନ କରିପାରନ୍ତି। (ଖ) ଦୂରଦୂରାନ୍ତ ଏବଂ ଦୁର୍ଗମ ଅଞ୍ଚଳ ଭାବେ ଶ୍ରେଣୀଭୁକ୍ତ ହୋଇ ନ ଥିବା ଅଞ୍ଚଳଗୁଡ଼ିକ କ୍ଷେତ୍ରରେ: ଯୋଗ୍ୟ ଶ୍ରେଣୀରୁ ଗୋଟିଏ ଶ୍ରେଣୀ ତଳ ପର୍ଯ୍ୟନ୍ତ ତାଲିକାଭୁକ୍ତ ଠିକାଦାରମାନେ ମଧ୍ୟ ଆବେଦନ କରିପାରନ୍ତି।
୬. ଉପରୋକ୍ତ ବିବରଣୀ ଏମ୍ଇଏସ୍‌ର ୱେବ୍‌ସାଇଟ୍: www.eprocuremes.gov.in ଏବଂ www.mes.gov.in ଓ ଇଣ୍ଡିଆନ ଟ୍ରେଡ୍ ଜର୍ଣ୍ଣାଲରେ ମଧ୍ୟ ଉପଲବ୍ଧ। ଟେଣ୍ଡରର ପୂର୍ଣ୍ଣ ବିଜ୍ଞପ୍ତି ଆଇଏଏଫ୍‌ଡବ୍ଲ୍ୟୁ–୨୧୨୨ ଏବଂ ତାଲିକାଭୁକ୍ତିକରଣ ମାନଦଣ୍ଡ ଏମ୍ଇଏସ୍‌ର ସମସ୍ତ କାର୍ଯ୍ୟାଳୟ ତଥା ଏମ୍ଇଏସ୍‌ର ୱେବ୍‌ସାଇଟରେ ଉପଲବ୍ଧ।
ସ୍ୱା./–(ଏ ଏଲ୍ ନାରାୟଣନ୍), ଏଇ (କ୍ୟୁଏସ୍ ଆଣ୍ଡ ସି)
ଏଜିଇ (ଠିକା)
davp 10102/11/4685/1516	ଗ୍ୟାରିସନ୍ ଇଞ୍ଜିନିୟରଙ୍କ ପାଇଁ
35
